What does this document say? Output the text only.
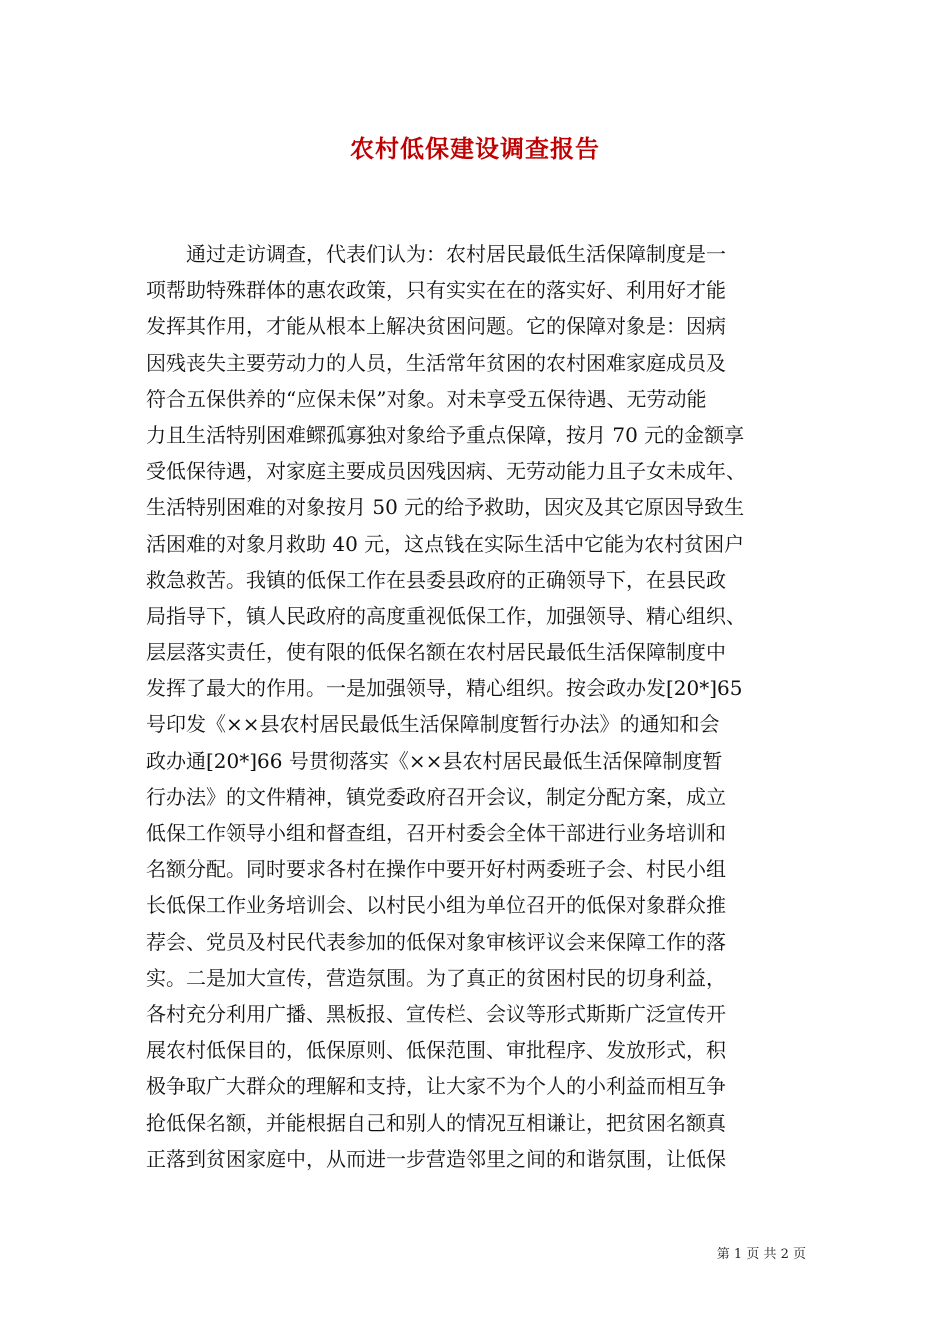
农村低保建设调查报告
通过走访调查，代表们认为：农村居民最低生活保障制度是一
项帮助特殊群体的惠农政策，只有实实在在的落实好、利用好才能
发挥其作用，才能从根本上解决贫困问题。它的保障对象是：因病
因残丧失主要劳动力的人员，生活常年贫困的农村困难家庭成员及
符合五保供养的“应保未保”对象。对未享受五保待遇、无劳动能
力且生活特别困难鳏孤寡独对象给予重点保障，按月 70 元的金额享
受低保待遇，对家庭主要成员因残因病、无劳动能力且子女未成年、
生活特别困难的对象按月 50 元的给予救助，因灾及其它原因导致生
活困难的对象月救助 40 元，这点钱在实际生活中它能为农村贫困户
救急救苦。我镇的低保工作在县委县政府的正确领导下，在县民政
局指导下，镇人民政府的高度重视低保工作，加强领导、精心组织、
层层落实责任，使有限的低保名额在农村居民最低生活保障制度中
发挥了最大的作用。一是加强领导，精心组织。按会政办发[20*]65
号印发《××县农村居民最低生活保障制度暂行办法》的通知和会
政办通[20*]66 号贯彻落实《××县农村居民最低生活保障制度暂
行办法》的文件精神，镇党委政府召开会议，制定分配方案，成立
低保工作领导小组和督查组，召开村委会全体干部进行业务培训和
名额分配。同时要求各村在操作中要开好村两委班子会、村民小组
长低保工作业务培训会、以村民小组为单位召开的低保对象群众推
荐会、党员及村民代表参加的低保对象审核评议会来保障工作的落
实。二是加大宣传，营造氛围。为了真正的贫困村民的切身利益，
各村充分利用广播、黑板报、宣传栏、会议等形式斯斯广泛宣传开
展农村低保目的，低保原则、低保范围、审批程序、发放形式，积
极争取广大群众的理解和支持，让大家不为个人的小利益而相互争
抢低保名额，并能根据自己和别人的情况互相谦让，把贫困名额真
正落到贫困家庭中，从而进一步营造邻里之间的和谐氛围，让低保
第 1 页 共 2 页
